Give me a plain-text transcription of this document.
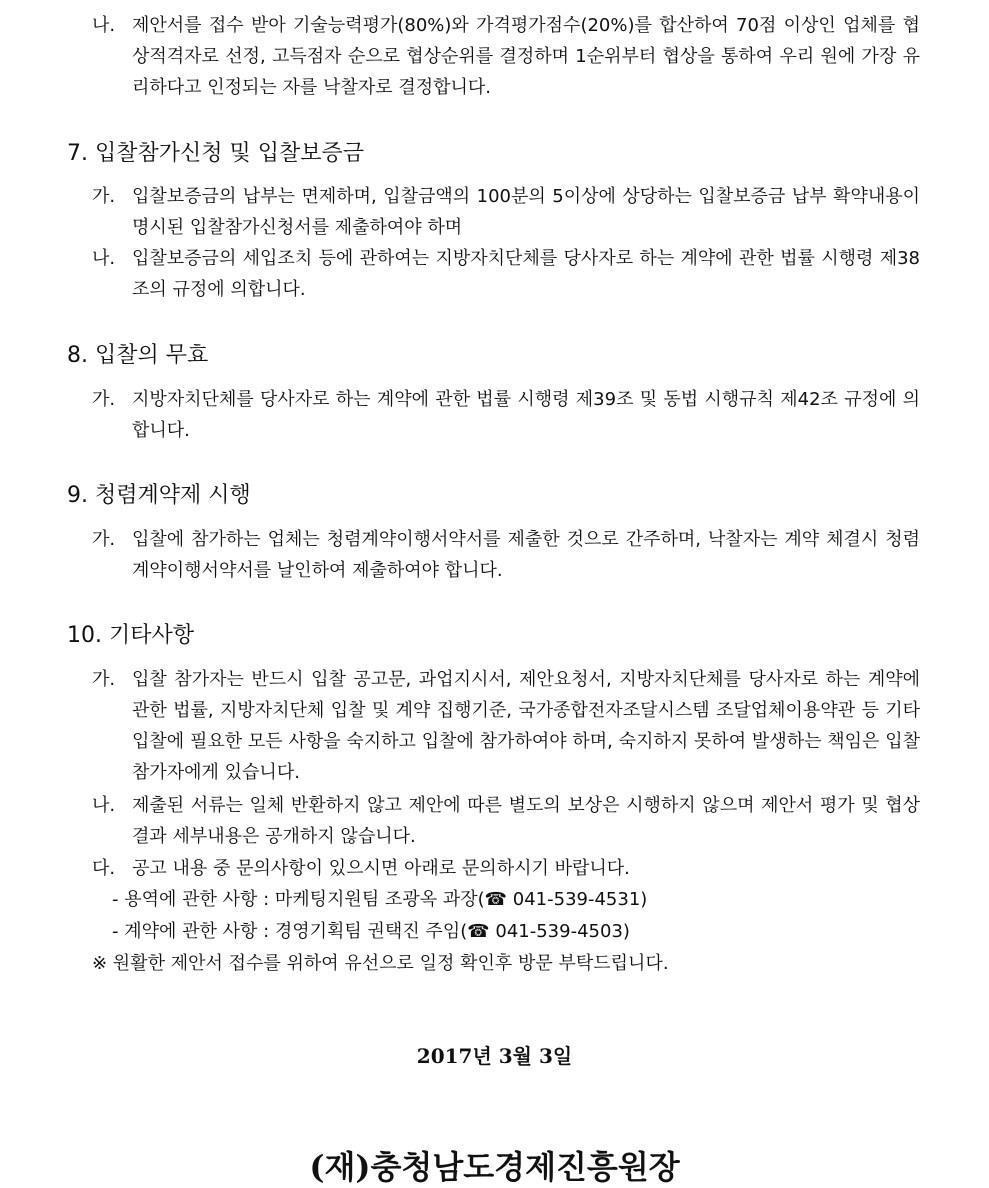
나. 제안서를 접수 받아 기술능력평가(80%)와 가격평가점수(20%)를 합산하여 70점 이상인 업체를 협상적격자로 선정, 고득점자 순으로 협상순위를 결정하며 1순위부터 협상을 통하여 우리 원에 가장 유리하다고 인정되는 자를 낙찰자로 결정합니다.
7. 입찰참가신청 및 입찰보증금
가. 입찰보증금의 납부는 면제하며, 입찰금액의 100분의 5이상에 상당하는 입찰보증금 납부 확약내용이 명시된 입찰참가신청서를 제출하여야 하며
나. 입찰보증금의 세입조치 등에 관하여는 지방자치단체를 당사자로 하는 계약에 관한 법률 시행령 제38조의 규정에 의합니다.
8. 입찰의 무효
가. 지방자치단체를 당사자로 하는 계약에 관한 법률 시행령 제39조 및 동법 시행규칙 제42조 규정에 의합니다.
9. 청렴계약제 시행
가. 입찰에 참가하는 업체는 청렴계약이행서약서를 제출한 것으로 간주하며, 낙찰자는 계약 체결시 청렴계약이행서약서를 날인하여 제출하여야 합니다.
10. 기타사항
가. 입찰 참가자는 반드시 입찰 공고문, 과업지시서, 제안요청서, 지방자치단체를 당사자로 하는 계약에 관한 법률, 지방자치단체 입찰 및 계약 집행기준, 국가종합전자조달시스템 조달업체이용약관 등 기타 입찰에 필요한 모든 사항을 숙지하고 입찰에 참가하여야 하며, 숙지하지 못하여 발생하는 책임은 입찰참가자에게 있습니다.
나. 제출된 서류는 일체 반환하지 않고 제안에 따른 별도의 보상은 시행하지 않으며 제안서 평가 및 협상결과 세부내용은 공개하지 않습니다.
다. 공고 내용 중 문의사항이 있으시면 아래로 문의하시기 바랍니다.
- 용역에 관한 사항 : 마케팅지원팀 조광옥 과장(☎ 041-539-4531)
- 계약에 관한 사항 : 경영기획팀 권택진 주임(☎ 041-539-4503)
※ 원활한 제안서 접수를 위하여 유선으로 일정 확인후 방문 부탁드립니다.
2017년 3월 3일
(재)충청남도경제진흥원장
